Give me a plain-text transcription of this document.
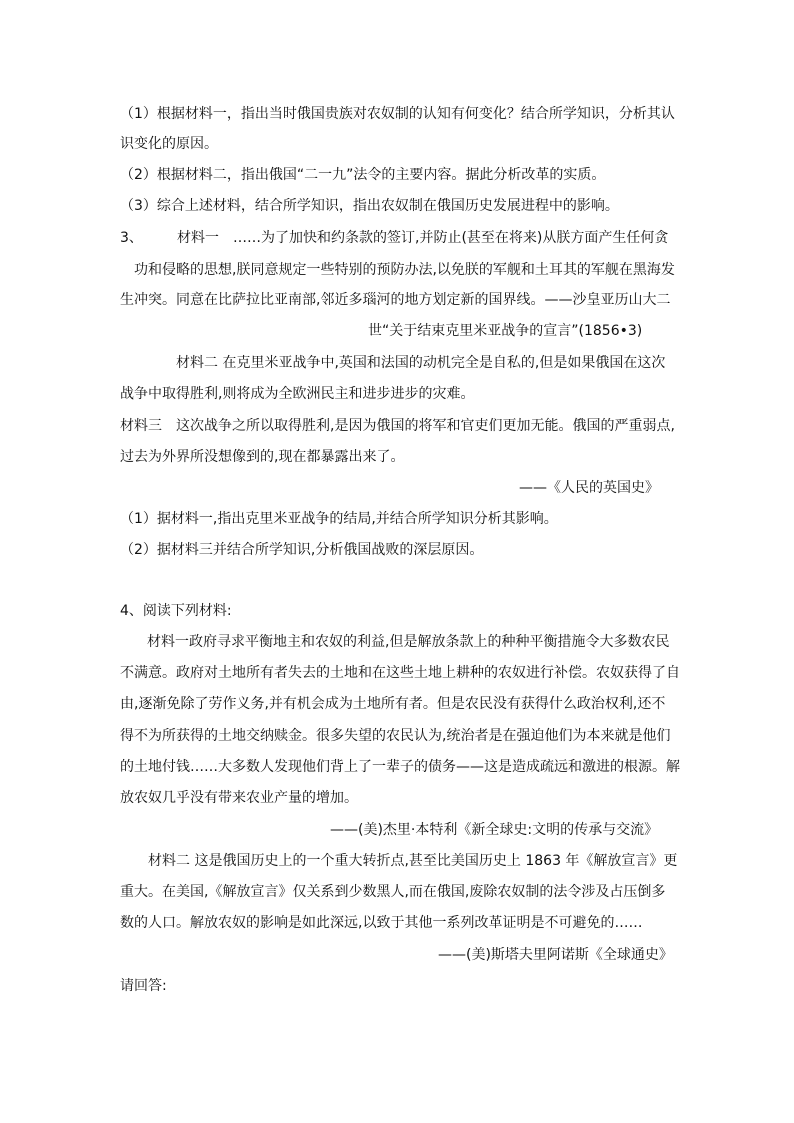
（1）根据材料一，指出当时俄国贵族对农奴制的认知有何变化？结合所学知识，分析其认
识变化的原因。
（2）根据材料二，指出俄国“二一九”法令的主要内容。据此分析改革的实质。
（3）综合上述材料，结合所学知识，指出农奴制在俄国历史发展进程中的影响。
3、 材料一　……为了加快和约条款的签订,并防止(甚至在将来)从朕方面产生任何贪
功和侵略的思想,朕同意规定一些特别的预防办法,以免朕的军舰和土耳其的军舰在黑海发
生冲突。同意在比萨拉比亚南部,邻近多瑙河的地方划定新的国界线。——沙皇亚历山大二
世“关于结束克里米亚战争的宣言”(1856•3)
材料二 在克里米亚战争中,英国和法国的动机完全是自私的,但是如果俄国在这次
战争中取得胜利,则将成为全欧洲民主和进步进步的灾难。
材料三　这次战争之所以取得胜利,是因为俄国的将军和官吏们更加无能。俄国的严重弱点,
过去为外界所没想像到的,现在都暴露出来了。
——《人民的英国史》
（1）据材料一,指出克里米亚战争的结局,并结合所学知识分析其影响。
（2）据材料三并结合所学知识,分析俄国战败的深层原因。
4、阅读下列材料:
材料一政府寻求平衡地主和农奴的利益,但是解放条款上的种种平衡措施令大多数农民
不满意。政府对土地所有者失去的土地和在这些土地上耕种的农奴进行补偿。农奴获得了自
由,逐渐免除了劳作义务,并有机会成为土地所有者。但是农民没有获得什么政治权利,还不
得不为所获得的土地交纳赎金。很多失望的农民认为,统治者是在强迫他们为本来就是他们
的土地付钱……大多数人发现他们背上了一辈子的债务——这是造成疏远和激进的根源。解
放农奴几乎没有带来农业产量的增加。
——(美)杰里·本特利《新全球史:文明的传承与交流》
材料二 这是俄国历史上的一个重大转折点,甚至比美国历史上 1863 年《解放宣言》更
重大。在美国,《解放宣言》仅关系到少数黑人,而在俄国,废除农奴制的法令涉及占压倒多
数的人口。解放农奴的影响是如此深远,以致于其他一系列改革证明是不可避免的……
——(美)斯塔夫里阿诺斯《全球通史》
请回答:
